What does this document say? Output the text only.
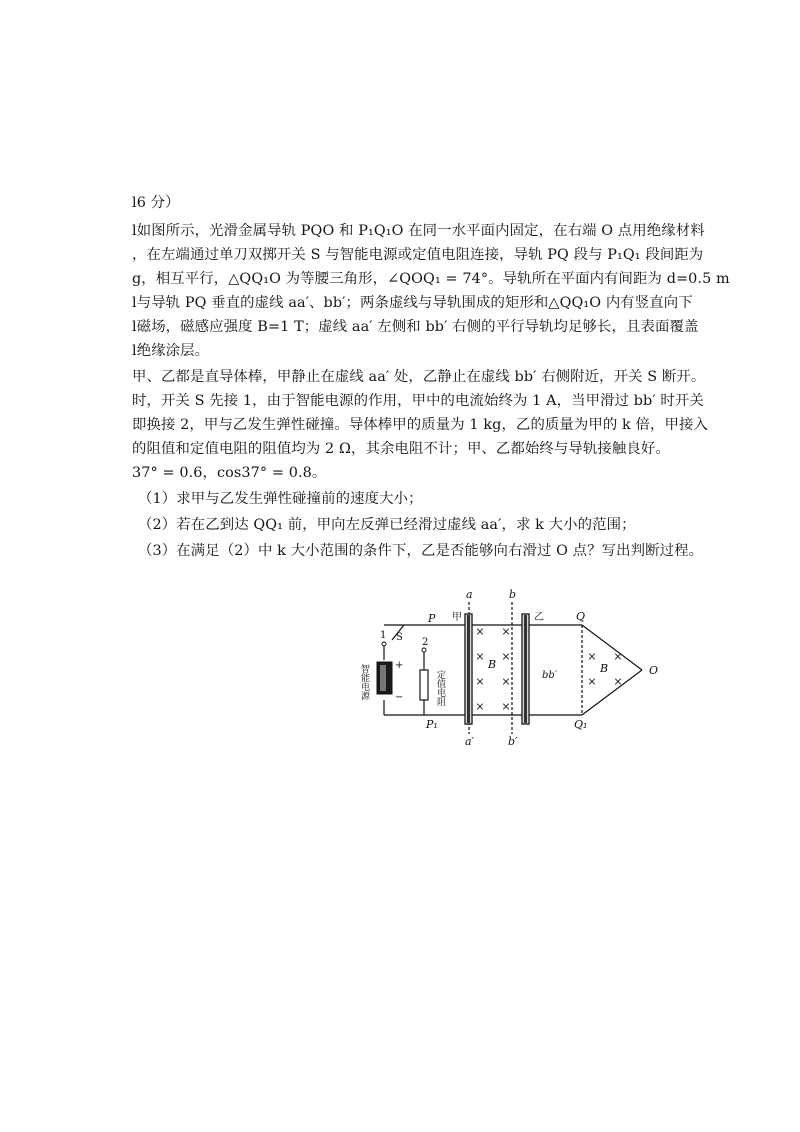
l6 分）
l如图所示，光滑金属导轨 PQO 和 P₁Q₁O 在同一水平面内固定，在右端 O 点用绝缘材料
，在左端通过单刀双掷开关 S 与智能电源或定值电阻连接，导轨 PQ 段与 P₁Q₁ 段间距为
g，相互平行，△QQ₁O 为等腰三角形，∠QOQ₁ = 74°。导轨所在平面内有间距为 d=0.5 m
l与导轨 PQ 垂直的虚线 aa′、bb′；两条虚线与导轨围成的矩形和△QQ₁O 内有竖直向下
l磁场，磁感应强度 B=1 T；虚线 aa′ 左侧和 bb′ 右侧的平行导轨均足够长，且表面覆盖
l绝缘涂层。
甲、乙都是直导体棒，甲静止在虚线 aa′ 处，乙静止在虚线 bb′ 右侧附近，开关 S 断开。
时，开关 S 先接 1，由于智能电源的作用，甲中的电流始终为 1 A，当甲滑过 bb′ 时开关
即换接 2，甲与乙发生弹性碰撞。导体棒甲的质量为 1 kg，乙的质量为甲的 k 倍，甲接入
的阻值和定值电阻的阻值均为 2 Ω，其余电阻不计；甲、乙都始终与导轨接触良好。
37° = 0.6，cos37° = 0.8。
（1）求甲与乙发生弹性碰撞前的速度大小；
（2）若在乙到达 QQ₁ 前，甲向左反弹已经滑过虚线 aa′，求 k 大小的范围；
（3）在满足（2）中 k 大小范围的条件下，乙是否能够向右滑过 O 点？写出判断过程。
× ×
× ×
× ×
× ×
× ×
× ×
a	b
a′	b′
P
P₁
Q
Q₁
O
B	B
bb′
甲	乙
S
1
2
+
−
智能电源	定值电阻
